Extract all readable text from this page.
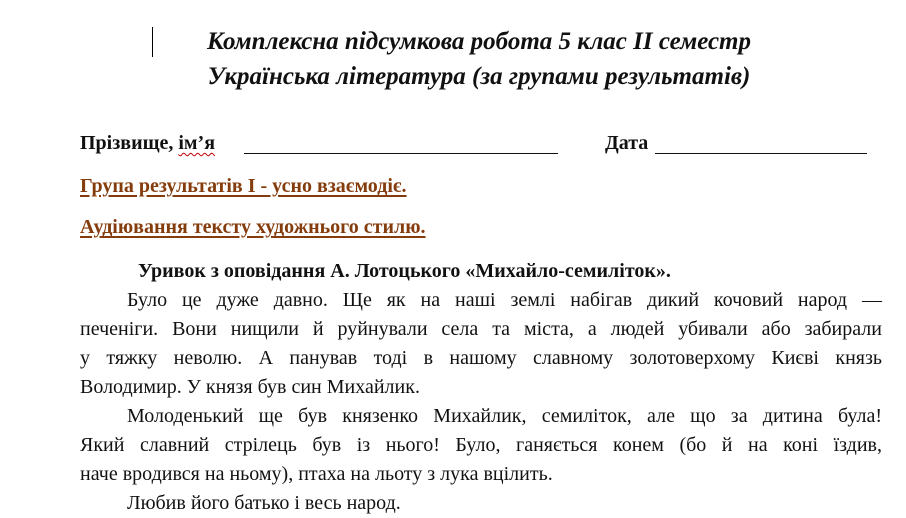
Комплексна підсумкова робота 5 клас ІІ семестр
Українська література (за групами результатів)
Прізвище, ім’я	Дата
Група результатів І - усно взаємодіє.
Аудіювання тексту художнього стилю.
Уривок з оповідання А. Лотоцького «Михайло-семиліток».
Було це дуже давно. Ще як на наші землі набігав дикий кочовий народ —
печеніги. Вони нищили й руйнували села та міста, а людей убивали або забирали
у тяжку неволю. А панував тоді в нашому славному золотоверхому Києві князь
Володимир. У князя був син Михайлик.
Молоденький ще був князенко Михайлик, семиліток, але що за дитина була!
Який славний стрілець був із нього! Було, ганяється конем (бо й на коні їздив,
наче вродився на ньому), птаха на льоту з лука вцілить.
Любив його батько і весь народ.
